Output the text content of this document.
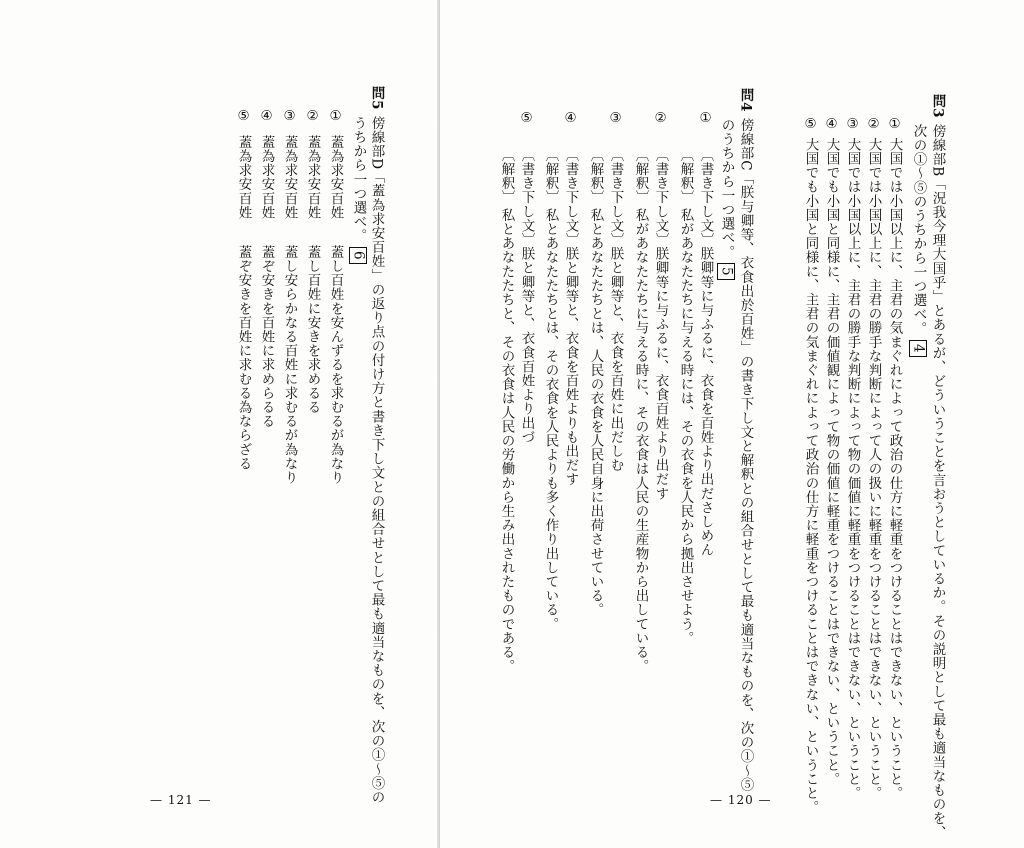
問5
傍線部D「蓋為求安百姓」の返り点の付け方と書き下し文との組合せとして最も適当なものを、次の①〜⑤の
うちから一つ選べ。6
①蓋為求安百姓蓋し百姓を安んずるを求むるが為なり
②蓋為求安百姓蓋し百姓に安きを求めるる
③蓋為求安百姓蓋し安らかなる百姓に求むるが為なり
④蓋為求安百姓蓋ぞ安きを百姓に求めらるる
⑤蓋為求安百姓蓋ぞ安きを百姓に求むる為ならざる
— 121 —
問3
傍線部B「況我今理大国乎」とあるが、どういうことを言おうとしているか。その説明として最も適当なものを、
次の①〜⑤のうちから一つ選べ。4
① 大国では小国以上に、主君の気まぐれによって政治の仕方に軽重をつけることはできない、ということ。
② 大国では小国以上に、主君の勝手な判断によって人の扱いに軽重をつけることはできない、ということ。
③ 大国では小国以上に、主君の勝手な判断によって物の価値に軽重をつけることはできない、ということ。
④ 大国でも小国と同様に、主君の価値観によって物の価値に軽重をつけることはできない、ということ。
⑤ 大国でも小国と同様に、主君の気まぐれによって政治の仕方に軽重をつけることはできない、ということ。
問4
傍線部C「朕与卿等、衣食出於百姓」の書き下し文と解釈との組合せとして最も適当なものを、次の①〜⑤
のうちから一つ選べ。5
①
〔書き下し文〕朕卿等に与ふるに、衣食を百姓より出ださしめん
〔解釈〕私があなたたちに与える時には、その衣食を人民から拠出させよう。
②
〔書き下し文〕朕卿等に与ふるに、衣食百姓より出だす
〔解釈〕私があなたたちに与える時に、その衣食は人民の生産物から出している。
③
〔書き下し文〕朕と卿等と、衣食を百姓に出だしむ
〔解釈〕私とあなたたちとは、人民の衣食を人民自身に出荷させている。
④
〔書き下し文〕朕と卿等と、衣食を百姓よりも出だす
〔解釈〕私とあなたたちとは、その衣食を人民よりも多く作り出している。
⑤
〔書き下し文〕朕と卿等と、衣食百姓より出づ
〔解釈〕私とあなたたちと、その衣食は人民の労働から生み出されたものである。
— 120 —
